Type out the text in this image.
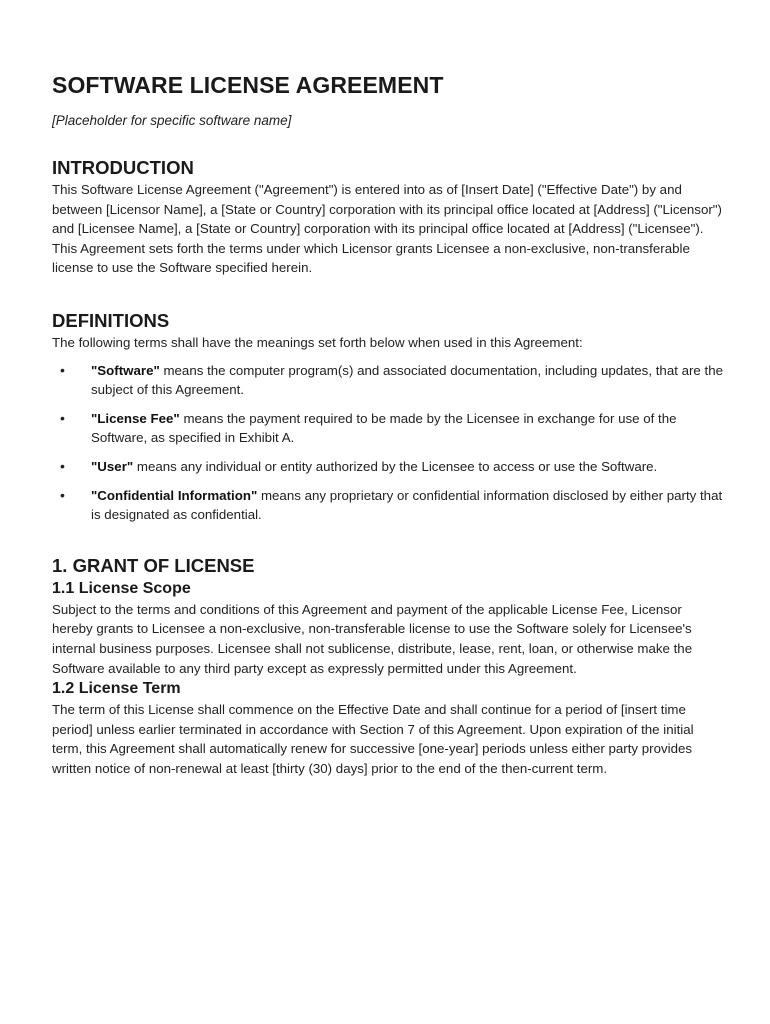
SOFTWARE LICENSE AGREEMENT

[Placeholder for specific software name]

INTRODUCTION

This Software License Agreement ("Agreement") is entered into as of [Insert Date] ("Effective Date") by and between [Licensor Name], a [State or Country] corporation with its principal office located at [Address] ("Licensor") and [Licensee Name], a [State or Country] corporation with its principal office located at [Address] ("Licensee"). This Agreement sets forth the terms under which Licensor grants Licensee a non-exclusive, non-transferable license to use the Software specified herein.

DEFINITIONS

The following terms shall have the meanings set forth below when used in this Agreement:

• "Software" means the computer program(s) and associated documentation, including updates, that are the subject of this Agreement.
• "License Fee" means the payment required to be made by the Licensee in exchange for use of the Software, as specified in Exhibit A.
• "User" means any individual or entity authorized by the Licensee to access or use the Software.
• "Confidential Information" means any proprietary or confidential information disclosed by either party that is designated as confidential.
1. GRANT OF LICENSE
1.1 License Scope

Subject to the terms and conditions of this Agreement and payment of the applicable License Fee, Licensor hereby grants to Licensee a non-exclusive, non-transferable license to use the Software solely for Licensee's internal business purposes. Licensee shall not sublicense, distribute, lease, rent, loan, or otherwise make the Software available to any third party except as expressly permitted under this Agreement.

1.2 License Term

The term of this License shall commence on the Effective Date and shall continue for a period of [insert time period] unless earlier terminated in accordance with Section 7 of this Agreement. Upon expiration of the initial term, this Agreement shall automatically renew for successive [one-year] periods unless either party provides written notice of non-renewal at least [thirty (30) days] prior to the end of the then-current term.
